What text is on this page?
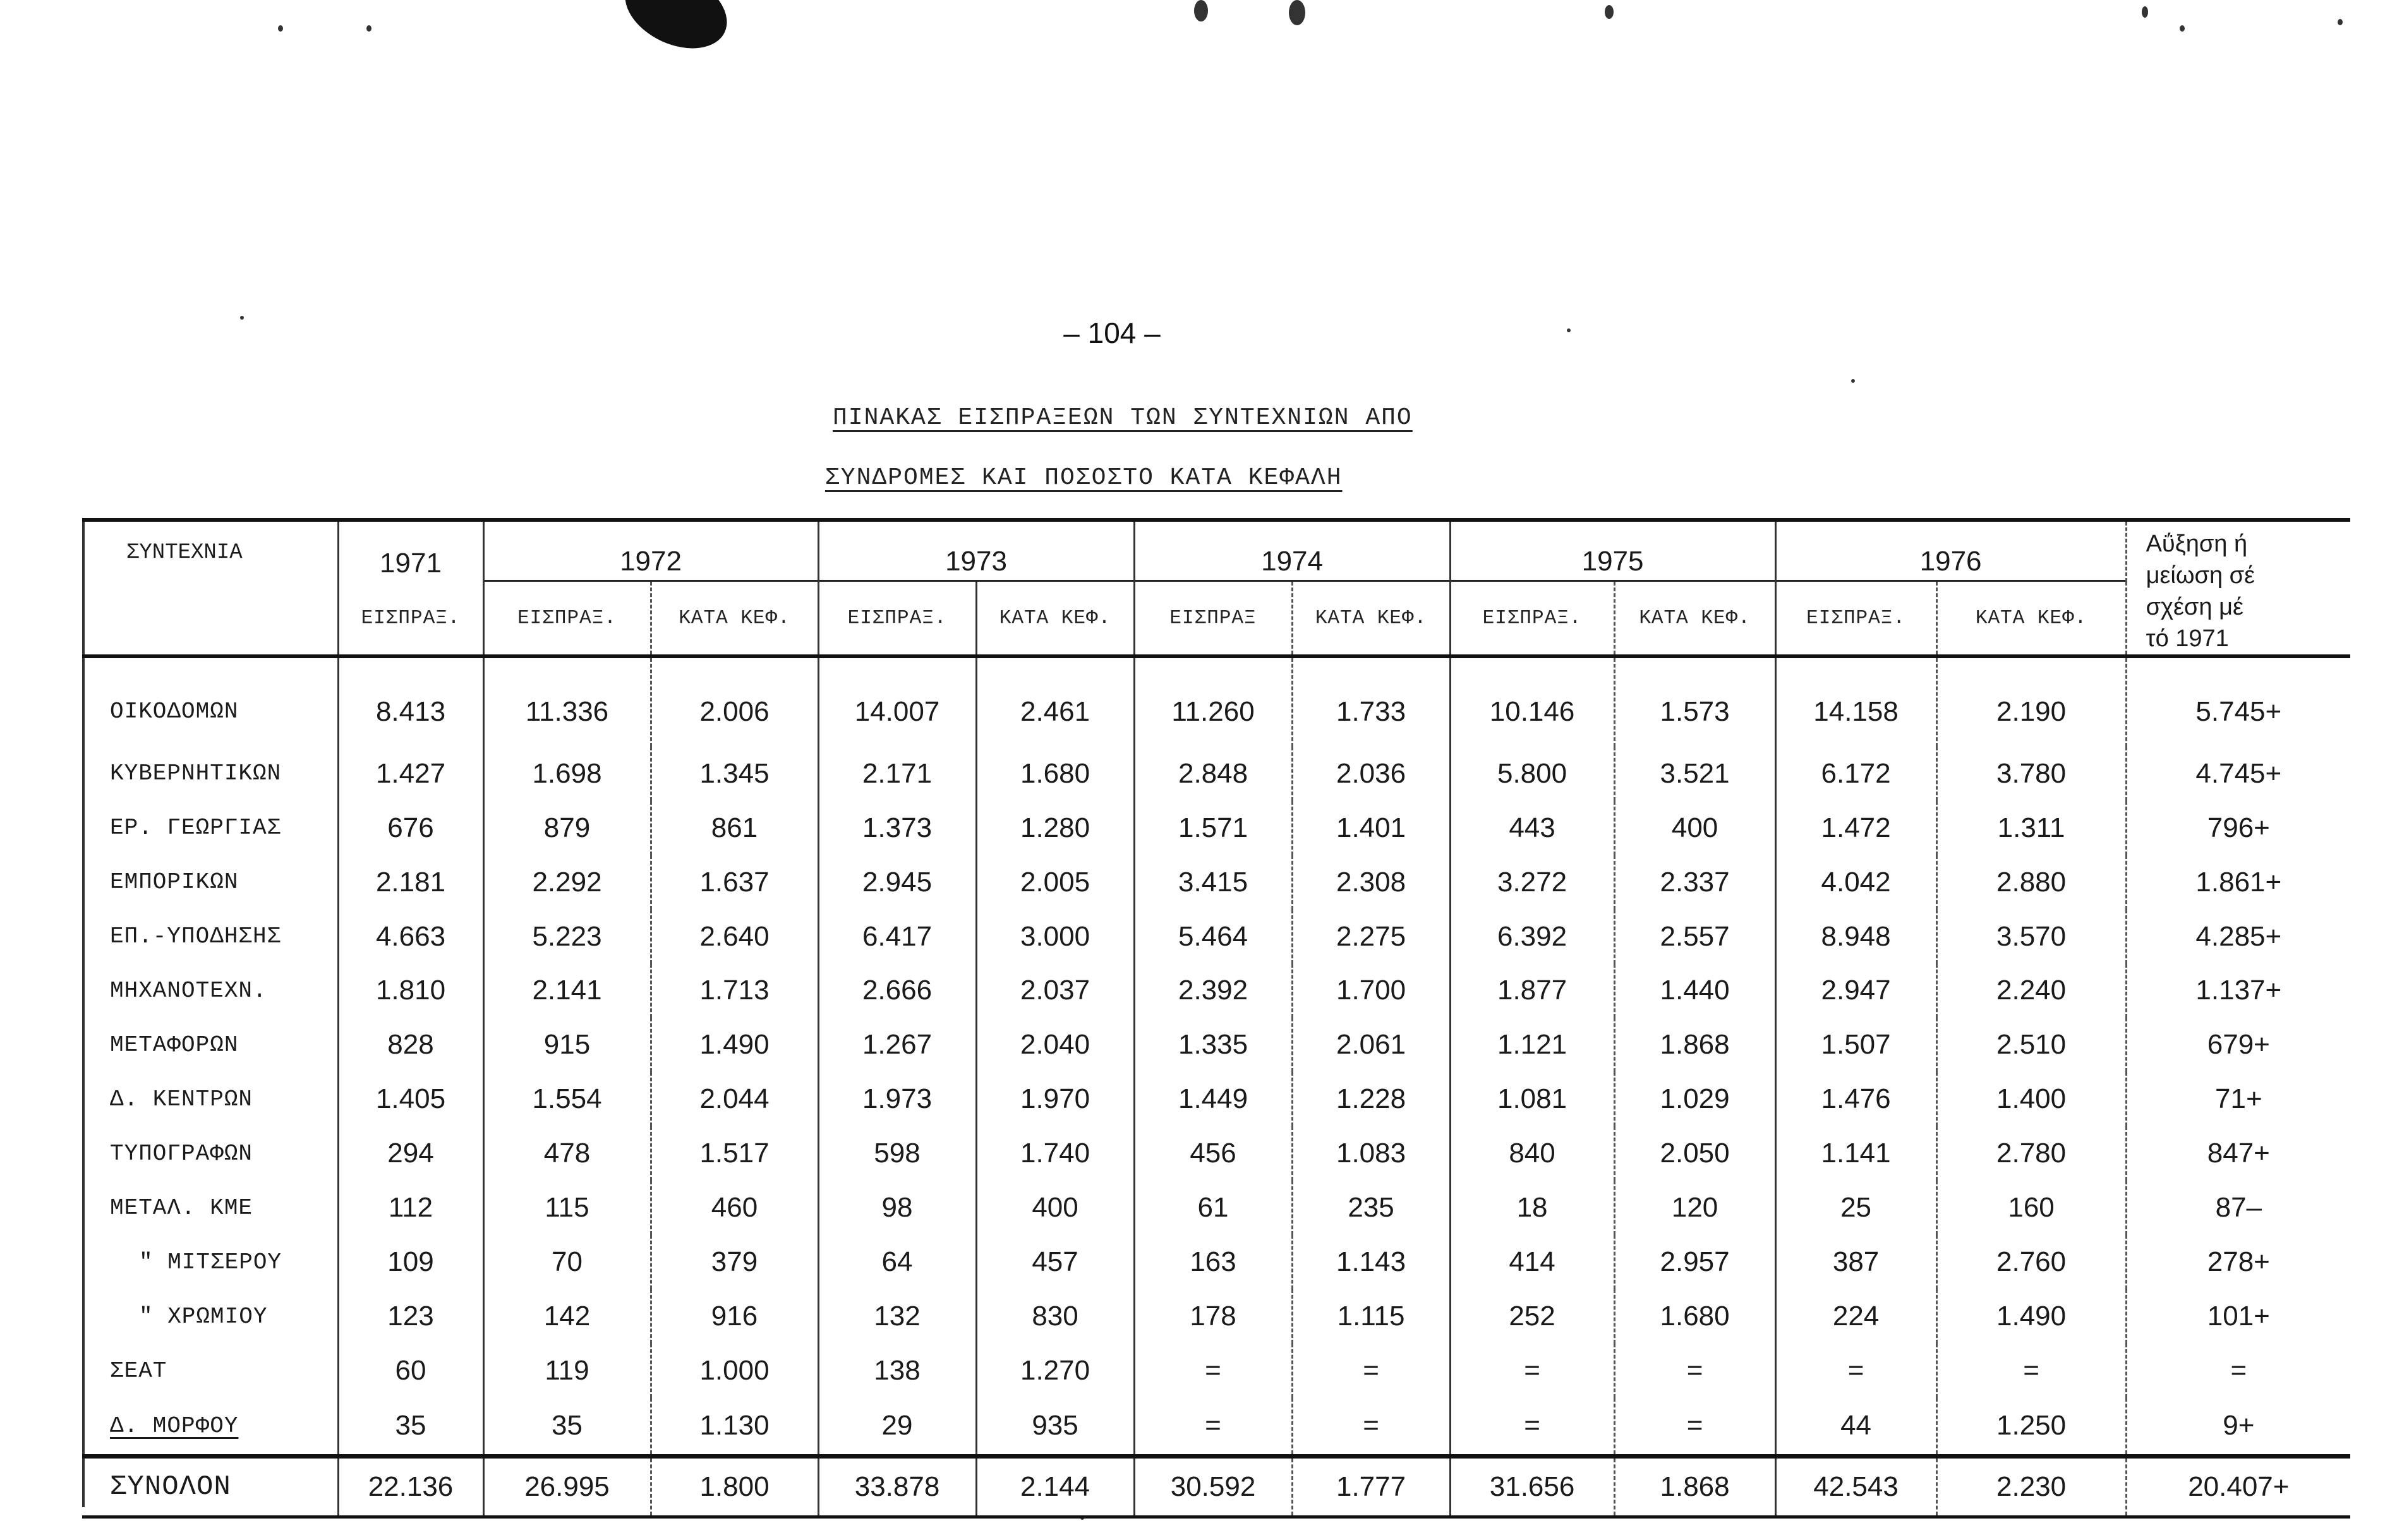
– 104 –
ΠΙΝΑΚΑΣ ΕΙΣΠΡΑΞΕΩΝ ΤΩΝ ΣΥΝΤΕΧΝΙΩΝ ΑΠΟ
ΣΥΝΔΡΟΜΕΣ ΚΑΙ ΠΟΣΟΣΤΟ ΚΑΤΑ ΚΕΦΑΛΗ
ΣΥΝΤΕΧΝΙΑ	1971	1972		1973		1974		1975		1976		Αΰξηση ή
μείωση σέ
σχέση μέ
τό 1971

	ΕΙΣΠΡΑΞ.	ΕΙΣΠΡΑΞ.	ΚΑΤΑ ΚΕΦ.	ΕΙΣΠΡΑΞ.	ΚΑΤΑ ΚΕΦ.	ΕΙΣΠΡΑΞ	ΚΑΤΑ ΚΕΦ.	ΕΙΣΠΡΑΞ.	ΚΑΤΑ ΚΕΦ.	ΕΙΣΠΡΑΞ.	ΚΑΤΑ ΚΕΦ.	
ΟΙΚΟΔΟΜΩΝ	8.413	11.336	2.006	14.007	2.461	11.260	1.733	10.146	1.573	14.158	2.190	5.745+
ΚΥΒΕΡΝΗΤΙΚΩΝ	1.427	1.698	1.345	2.171	1.680	2.848	2.036	5.800	3.521	6.172	3.780	4.745+
ΕΡ. ΓΕΩΡΓΙΑΣ	676	879	861	1.373	1.280	1.571	1.401	443	400	1.472	1.311	796+
ΕΜΠΟΡΙΚΩΝ	2.181	2.292	1.637	2.945	2.005	3.415	2.308	3.272	2.337	4.042	2.880	1.861+
ΕΠ.-ΥΠΟΔΗΣΗΣ	4.663	5.223	2.640	6.417	3.000	5.464	2.275	6.392	2.557	8.948	3.570	4.285+
ΜΗΧΑΝΟΤΕΧΝ.	1.810	2.141	1.713	2.666	2.037	2.392	1.700	1.877	1.440	2.947	2.240	1.137+
ΜΕΤΑΦΟΡΩΝ	828	915	1.490	1.267	2.040	1.335	2.061	1.121	1.868	1.507	2.510	679+
Δ. ΚΕΝΤΡΩΝ	1.405	1.554	2.044	1.973	1.970	1.449	1.228	1.081	1.029	1.476	1.400	71+
ΤΥΠΟΓΡΑΦΩΝ	294	478	1.517	598	1.740	456	1.083	840	2.050	1.141	2.780	847+
ΜΕΤΑΛ. ΚΜΕ	112	115	460	98	400	61	235	18	120	25	160	87–
" ΜΙΤΣΕΡΟΥ	109	70	379	64	457	163	1.143	414	2.957	387	2.760	278+
" ΧΡΩΜΙΟΥ	123	142	916	132	830	178	1.115	252	1.680	224	1.490	101+
ΣΕΑΤ	60	119	1.000	138	1.270	=	=	=	=	=	=	=
Δ. ΜΟΡΦΟΥ	35	35	1.130	29	935	=	=	=	=	44	1.250	9+
ΣΥΝΟΛΟΝ	22.136	26.995	1.800	33.878	2.144	30.592	1.777	31.656	1.868	42.543	2.230	20.407+
